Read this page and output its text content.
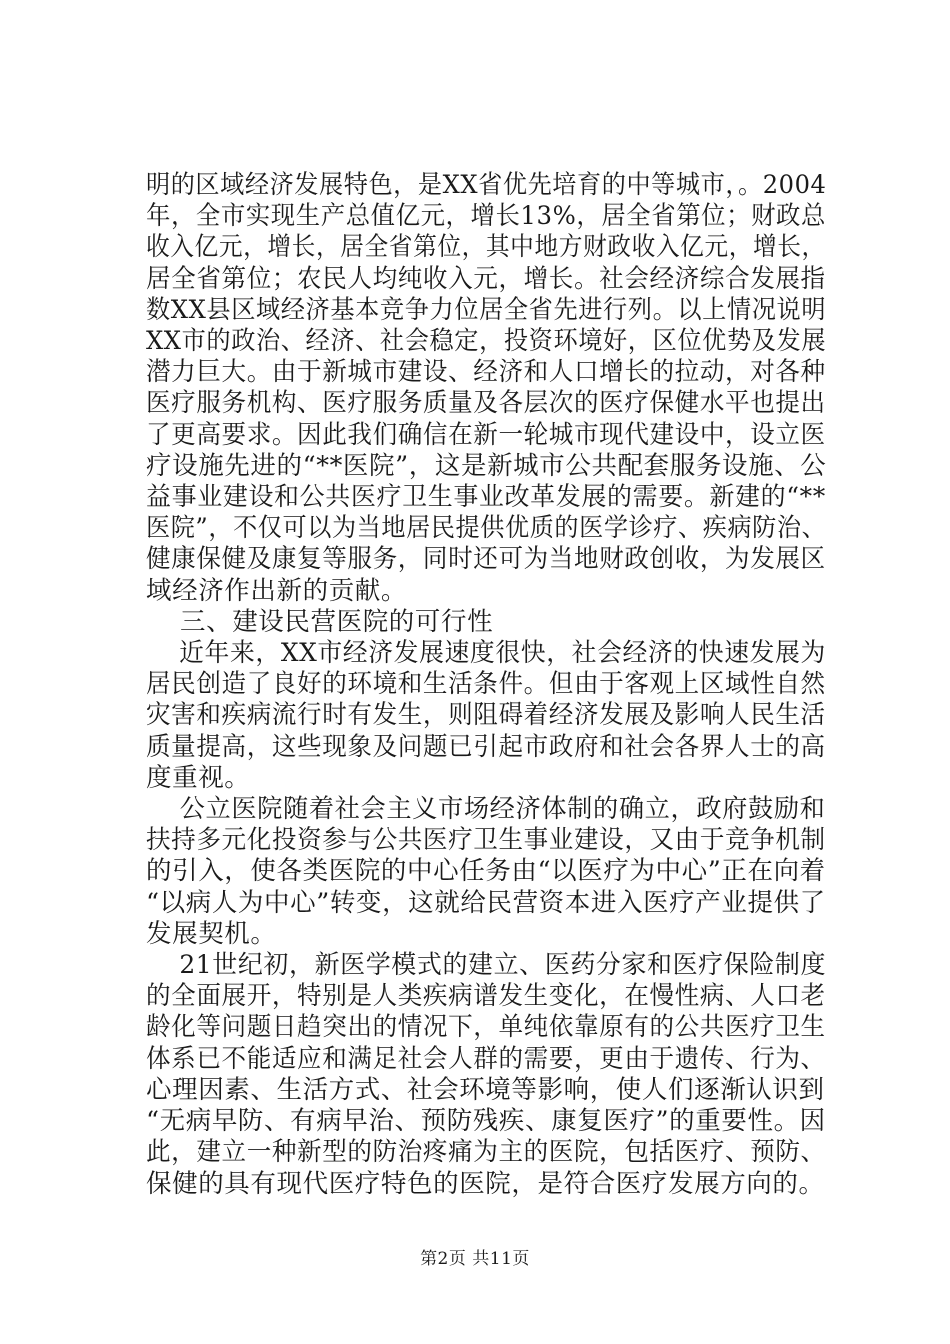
明的区域经济发展特色，是XX省优先培育的中等城市，。2004
年，全市实现生产总值亿元，增长13%，居全省第位；财政总
收入亿元，增长，居全省第位，其中地方财政收入亿元，增长，
居全省第位；农民人均纯收入元，增长。社会经济综合发展指
数XX县区域经济基本竞争力位居全省先进行列。以上情况说明
XX市的政治、经济、社会稳定，投资环境好，区位优势及发展
潜力巨大。由于新城市建设、经济和人口增长的拉动，对各种
医疗服务机构、医疗服务质量及各层次的医疗保健水平也提出
了更高要求。因此我们确信在新一轮城市现代建设中，设立医
疗设施先进的“**医院”，这是新城市公共配套服务设施、公
益事业建设和公共医疗卫生事业改革发展的需要。新建的“**
医院”，不仅可以为当地居民提供优质的医学诊疗、疾病防治、
健康保健及康复等服务，同时还可为当地财政创收，为发展区
域经济作出新的贡献。
三、建设民营医院的可行性
近年来，XX市经济发展速度很快，社会经济的快速发展为
居民创造了良好的环境和生活条件。但由于客观上区域性自然
灾害和疾病流行时有发生，则阻碍着经济发展及影响人民生活
质量提高，这些现象及问题已引起市政府和社会各界人士的高
度重视。
公立医院随着社会主义市场经济体制的确立，政府鼓励和
扶持多元化投资参与公共医疗卫生事业建设，又由于竞争机制
的引入，使各类医院的中心任务由“以医疗为中心”正在向着
“以病人为中心”转变，这就给民营资本进入医疗产业提供了
发展契机。
21世纪初，新医学模式的建立、医药分家和医疗保险制度
的全面展开，特别是人类疾病谱发生变化，在慢性病、人口老
龄化等问题日趋突出的情况下，单纯依靠原有的公共医疗卫生
体系已不能适应和满足社会人群的需要，更由于遗传、行为、
心理因素、生活方式、社会环境等影响，使人们逐渐认识到
“无病早防、有病早治、预防残疾、康复医疗”的重要性。因
此，建立一种新型的防治疼痛为主的医院，包括医疗、预防、
保健的具有现代医疗特色的医院，是符合医疗发展方向的。
第2页 共11页
